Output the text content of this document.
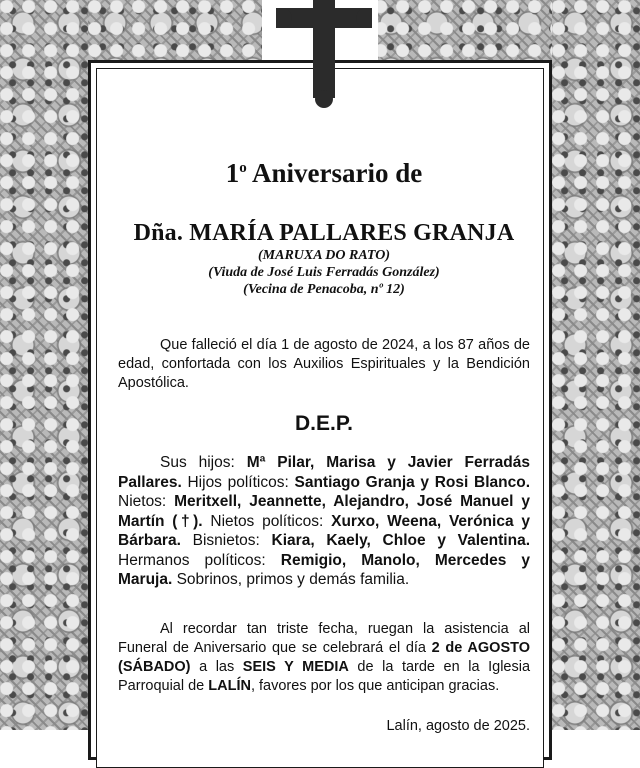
1$^o$ Aniversario de

Dña. MARÍA PALLARES GRANJA

(MARUXA DO RATO)

(Viuda de José Luis Ferradás González)

(Vecina de Penacoba, nº 12)

Que falleció el día 1 de agosto de 2024, a los 87 años de edad, confortada con los Auxilios Espirituales y la Bendición Apostólica.

D.E.P.

Sus hijos: Mª Pilar, Marisa y Javier Ferradás Pallares. Hijos políticos: Santiago Granja y Rosi Blanco. Nietos: Meritxell, Jeannette, Alejandro, José Manuel y Martín (†). Nietos políticos: Xurxo, Weena, Verónica y Bárbara. Bisnietos: Kiara, Kaely, Chloe y Valentina. Hermanos políticos: Remigio, Manolo, Mercedes y Maruja. Sobrinos, primos y demás familia.

Al recordar tan triste fecha, ruegan la asistencia al Funeral de Aniversario que se celebrará el día 2 de AGOSTO (SÁBADO) a las SEIS Y MEDIA de la tarde en la Iglesia Parroquial de LALÍN, favores por los que anticipan gracias.

Lalín, agosto de 2025.
